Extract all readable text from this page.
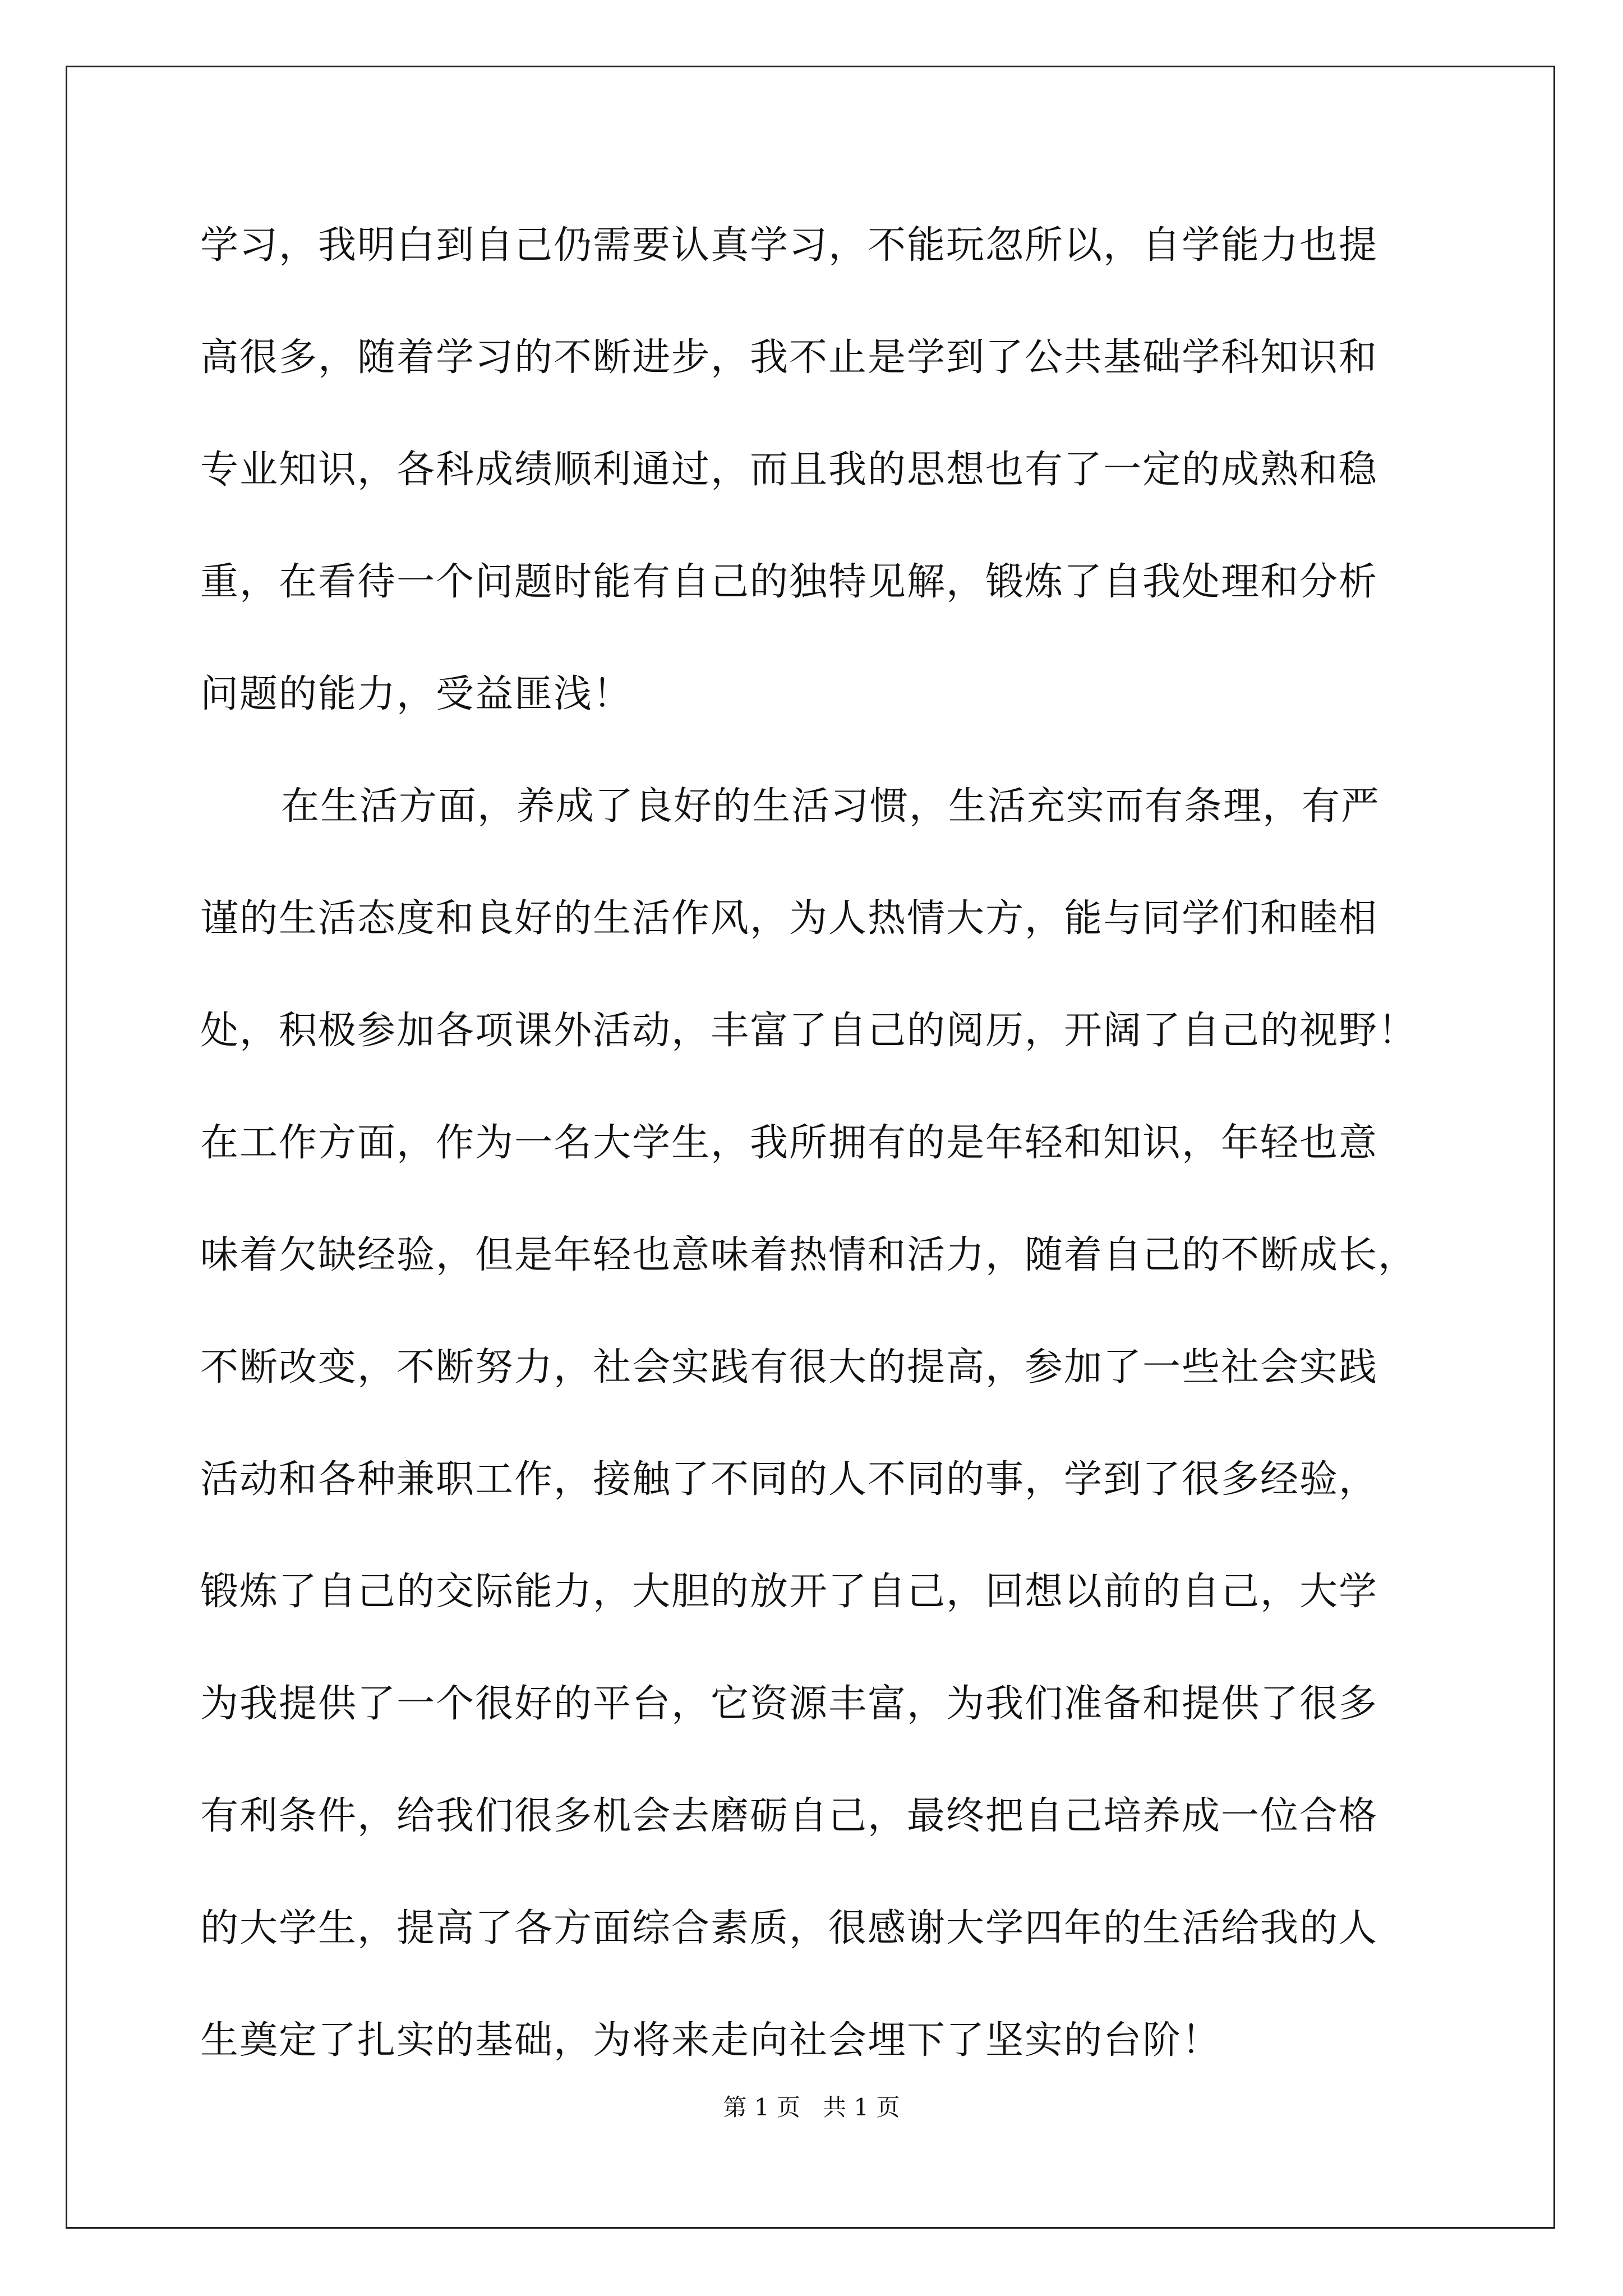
学习，我明白到自己仍需要认真学习，不能玩忽所以，自学能力也提
高很多，随着学习的不断进步，我不止是学到了公共基础学科知识和
专业知识，各科成绩顺利通过，而且我的思想也有了一定的成熟和稳
重，在看待一个问题时能有自己的独特见解，锻炼了自我处理和分析
问题的能力，受益匪浅！
在生活方面，养成了良好的生活习惯，生活充实而有条理，有严
谨的生活态度和良好的生活作风，为人热情大方，能与同学们和睦相
处，积极参加各项课外活动，丰富了自己的阅历，开阔了自己的视野！
在工作方面，作为一名大学生，我所拥有的是年轻和知识，年轻也意
味着欠缺经验，但是年轻也意味着热情和活力，随着自己的不断成长，
不断改变，不断努力，社会实践有很大的提高，参加了一些社会实践
活动和各种兼职工作，接触了不同的人不同的事，学到了很多经验，
锻炼了自己的交际能力，大胆的放开了自己，回想以前的自己，大学
为我提供了一个很好的平台，它资源丰富，为我们准备和提供了很多
有利条件，给我们很多机会去磨砺自己，最终把自己培养成一位合格
的大学生，提高了各方面综合素质，很感谢大学四年的生活给我的人
生奠定了扎实的基础，为将来走向社会埋下了坚实的台阶！
第 1 页   共 1 页
